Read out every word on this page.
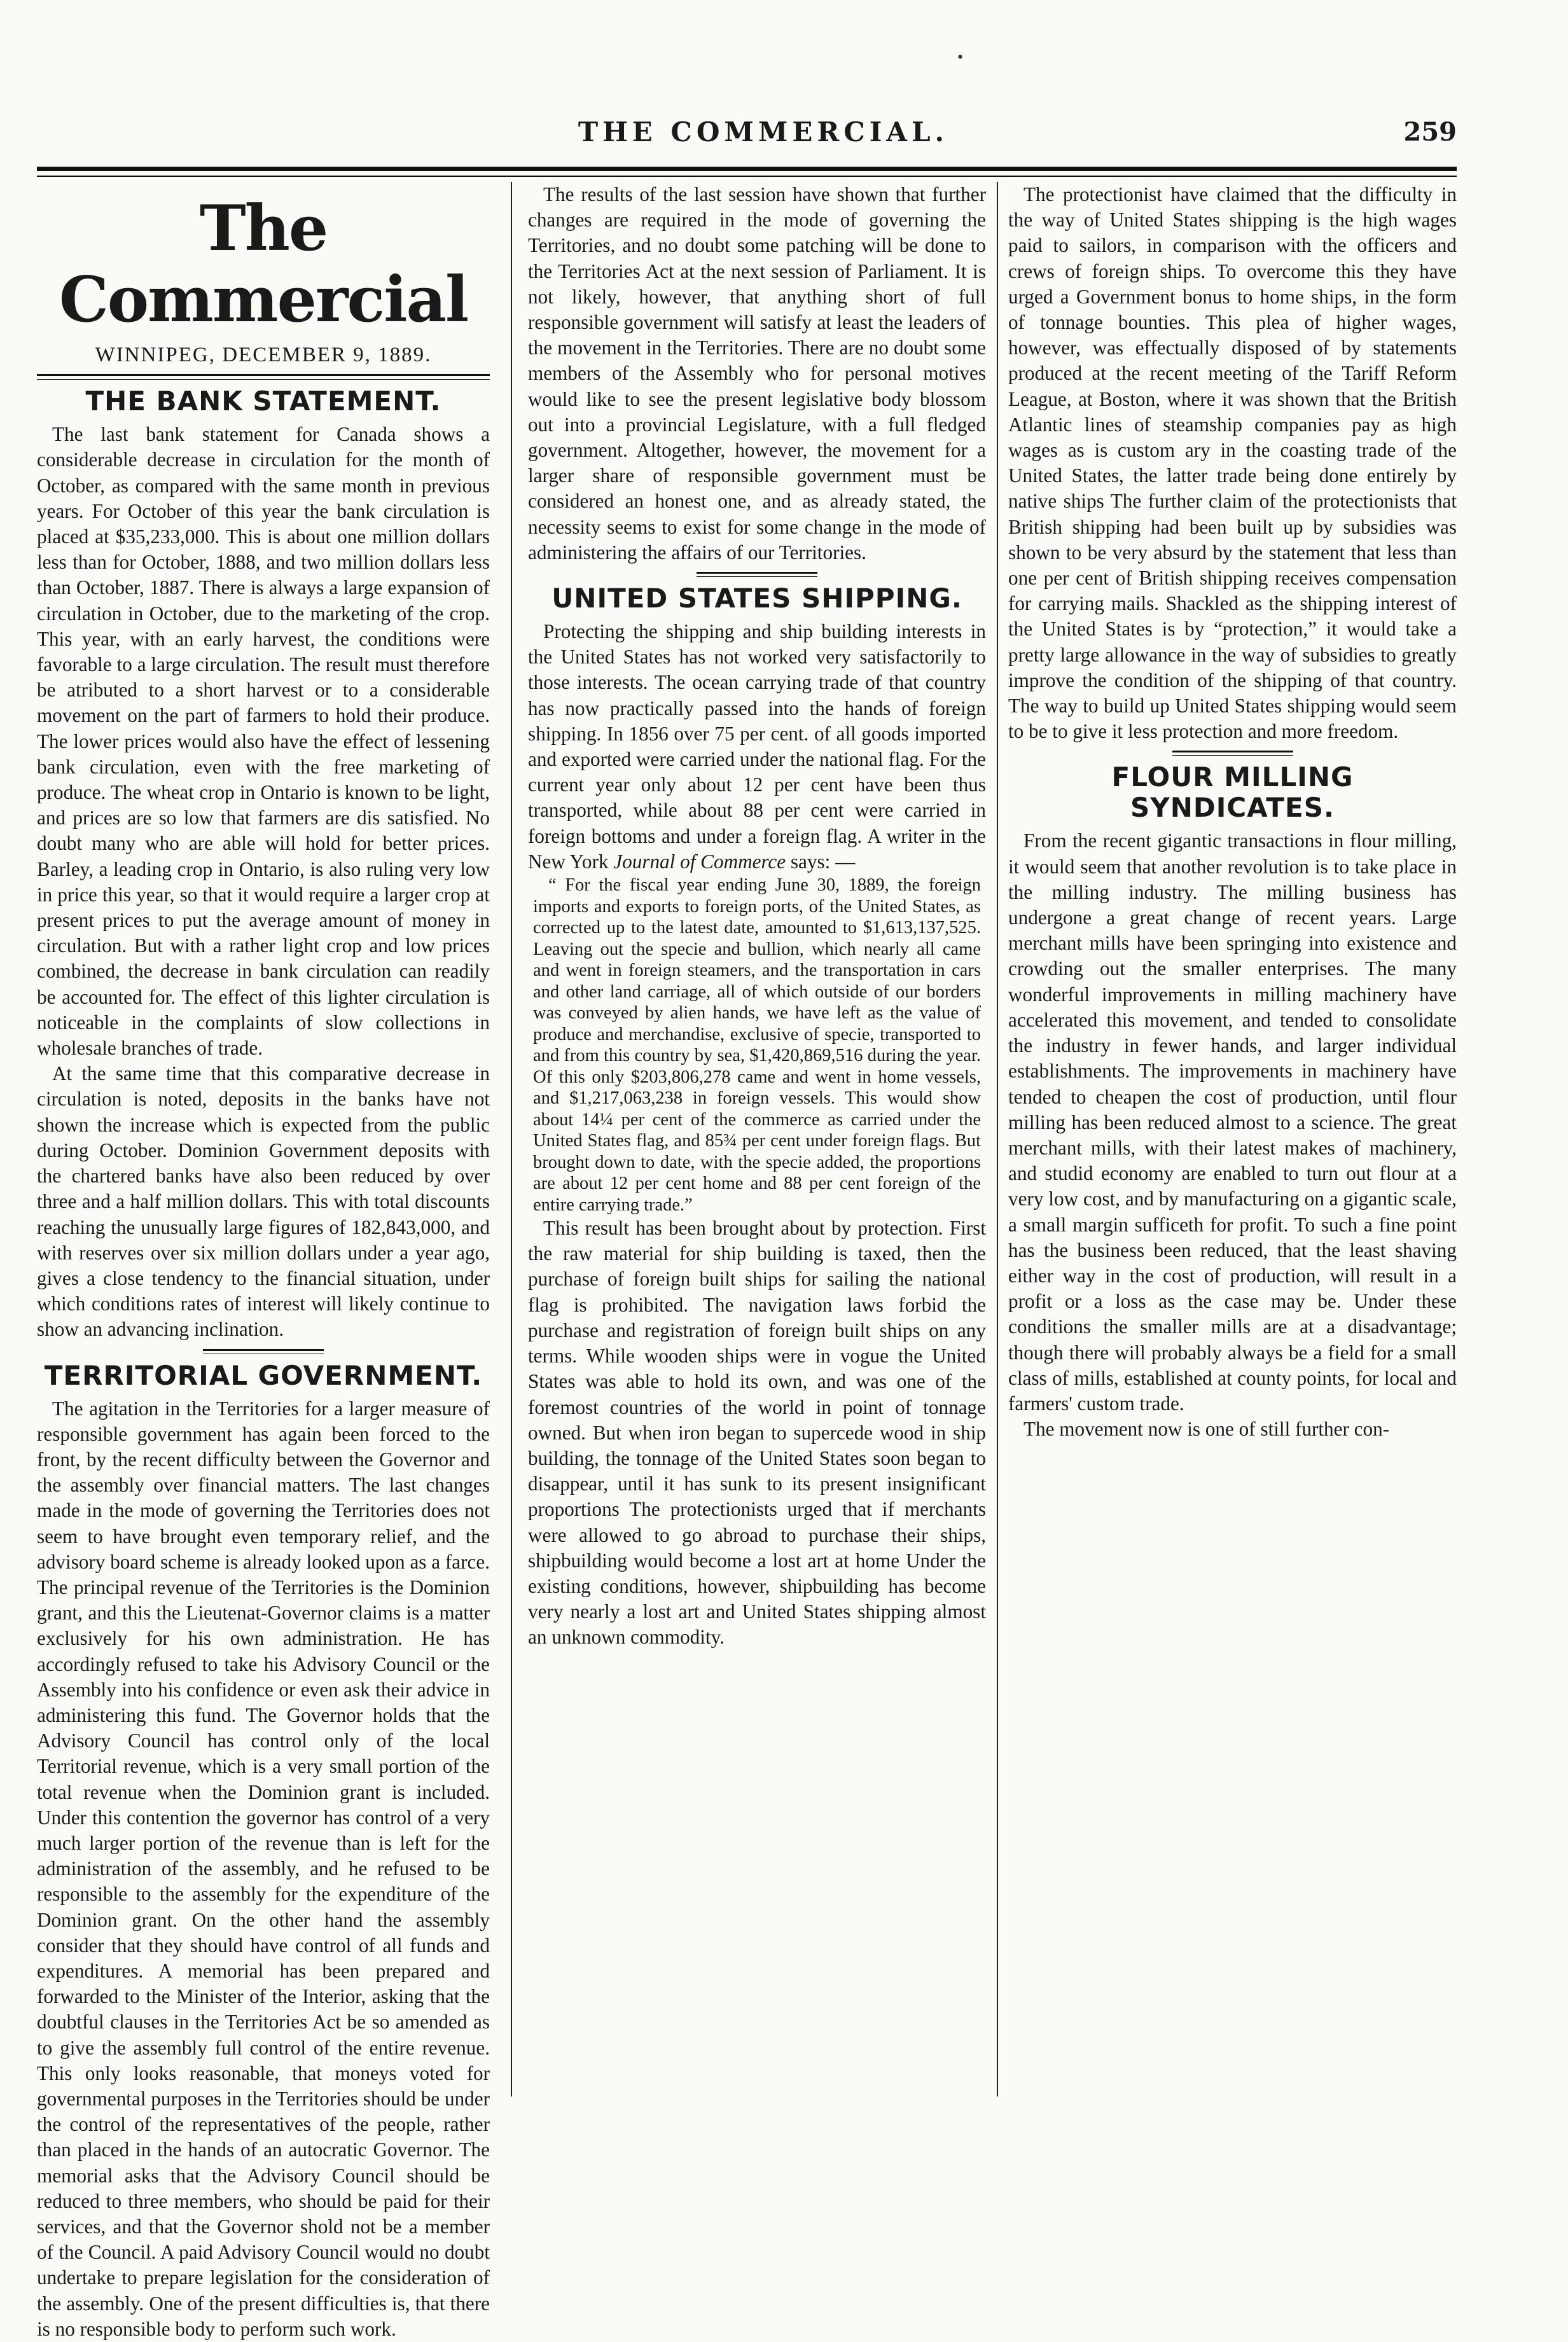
THE COMMERCIAL.	259
The Commercial
WINNIPEG, DECEMBER 9, 1889.
THE BANK STATEMENT.

The last bank statement for Canada shows a considerable decrease in circulation for the month of October, as compared with the same month in previous years. For October of this year the bank circulation is placed at $35,233,000. This is about one million dollars less than for October, 1888, and two million dollars less than October, 1887. There is always a large expansion of circulation in October, due to the marketing of the crop. This year, with an early harvest, the conditions were favorable to a large circulation. The result must therefore be atributed to a short harvest or to a considerable movement on the part of farmers to hold their produce. The lower prices would also have the effect of lessening bank circulation, even with the free marketing of produce. The wheat crop in Ontario is known to be light, and prices are so low that farmers are dis satisfied. No doubt many who are able will hold for better prices. Barley, a leading crop in Ontario, is also ruling very low in price this year, so that it would require a larger crop at present prices to put the average amount of money in circulation. But with a rather light crop and low prices combined, the decrease in bank circulation can readily be accounted for. The effect of this lighter circulation is noticeable in the complaints of slow collections in wholesale branches of trade.

At the same time that this comparative decrease in circulation is noted, deposits in the banks have not shown the increase which is expected from the public during October. Dominion Government deposits with the chartered banks have also been reduced by over three and a half million dollars. This with total discounts reaching the unusually large figures of 182,843,000, and with reserves over six million dollars under a year ago, gives a close tendency to the financial situation, under which conditions rates of interest will likely continue to show an advancing inclination.

TERRITORIAL GOVERNMENT.

The agitation in the Territories for a larger measure of responsible government has again been forced to the front, by the recent difficulty between the Governor and the assembly over financial matters. The last changes made in the mode of governing the Territories does not seem to have brought even temporary relief, and the advisory board scheme is already looked upon as a farce. The principal revenue of the Territories is the Dominion grant, and this the Lieutenat-Governor claims is a matter exclusively for his own administration. He has accordingly refused to take his Advisory Council or the Assembly into his confidence or even ask their advice in administering this fund. The Governor holds that the Advisory Council has control only of the local Territorial revenue, which is a very small portion of the total revenue when the Dominion grant is included. Under this contention the governor has control of a very much larger portion of the revenue than is left for the administration of the assembly, and he refused to be responsible to the assembly for the expenditure of the Dominion grant. On the other hand the assembly consider that they should have control of all funds and expenditures. A memorial has been prepared and forwarded to the Minister of the Interior, asking that the doubtful clauses in the Territories Act be so amended as to give the assembly full control of the entire revenue. This only looks reasonable, that moneys voted for governmental purposes in the Territories should be under the control of the representatives of the people, rather than placed in the hands of an autocratic Governor. The memorial asks that the Advisory Council should be reduced to three members, who should be paid for their services, and that the Governor shold not be a member of the Council. A paid Advisory Council would no doubt undertake to prepare legislation for the consideration of the assembly. One of the present difficulties is, that there is no responsible body to perform such work.

The results of the last session have shown that further changes are required in the mode of governing the Territories, and no doubt some patching will be done to the Territories Act at the next session of Parliament. It is not likely, however, that anything short of full responsible government will satisfy at least the leaders of the movement in the Territories. There are no doubt some members of the Assembly who for personal motives would like to see the present legislative body blossom out into a provincial Legislature, with a full fledged government. Altogether, however, the movement for a larger share of responsible government must be considered an honest one, and as already stated, the necessity seems to exist for some change in the mode of administering the affairs of our Territories.

UNITED STATES SHIPPING.

Protecting the shipping and ship building interests in the United States has not worked very satisfactorily to those interests. The ocean carrying trade of that country has now practically passed into the hands of foreign shipping. In 1856 over 75 per cent. of all goods imported and exported were carried under the national flag. For the current year only about 12 per cent have been thus transported, while about 88 per cent were carried in foreign bottoms and under a foreign flag. A writer in the New York Journal of Commerce says: —

“ For the fiscal year ending June 30, 1889, the foreign imports and exports to foreign ports, of the United States, as corrected up to the latest date, amounted to $1,613,137,525. Leaving out the specie and bullion, which nearly all came and went in foreign steamers, and the transportation in cars and other land carriage, all of which outside of our borders was conveyed by alien hands, we have left as the value of produce and merchandise, exclusive of specie, transported to and from this country by sea, $1,420,869,516 during the year. Of this only $203,806,278 came and went in home vessels, and $1,217,063,238 in foreign vessels. This would show about 14¼ per cent of the commerce as carried under the United States flag, and 85¾ per cent under foreign flags. But brought down to date, with the specie added, the proportions are about 12 per cent home and 88 per cent foreign of the entire carrying trade.”

This result has been brought about by protection. First the raw material for ship building is taxed, then the purchase of foreign built ships for sailing the national flag is prohibited. The navigation laws forbid the purchase and registration of foreign built ships on any terms. While wooden ships were in vogue the United States was able to hold its own, and was one of the foremost countries of the world in point of tonnage owned. But when iron began to supercede wood in ship building, the tonnage of the United States soon began to disappear, until it has sunk to its present insignificant proportions The protectionists urged that if merchants were allowed to go abroad to purchase their ships, shipbuilding would become a lost art at home Under the existing conditions, however, shipbuilding has become very nearly a lost art and United States shipping almost an unknown commodity.

The protectionist have claimed that the difficulty in the way of United States shipping is the high wages paid to sailors, in comparison with the officers and crews of foreign ships. To overcome this they have urged a Government bonus to home ships, in the form of tonnage bounties. This plea of higher wages, however, was effectually disposed of by statements produced at the recent meeting of the Tariff Reform League, at Boston, where it was shown that the British Atlantic lines of steamship companies pay as high wages as is custom ary in the coasting trade of the United States, the latter trade being done entirely by native ships The further claim of the protectionists that British shipping had been built up by subsidies was shown to be very absurd by the statement that less than one per cent of British shipping receives compensation for carrying mails. Shackled as the shipping interest of the United States is by “protection,” it would take a pretty large allowance in the way of subsidies to greatly improve the condition of the shipping of that country. The way to build up United States shipping would seem to be to give it less protection and more freedom.

FLOUR MILLING SYNDICATES.

From the recent gigantic transactions in flour milling, it would seem that another revolution is to take place in the milling industry. The milling business has undergone a great change of recent years. Large merchant mills have been springing into existence and crowding out the smaller enterprises. The many wonderful improvements in milling machinery have accelerated this movement, and tended to consolidate the industry in fewer hands, and larger individual establishments. The improvements in machinery have tended to cheapen the cost of production, until flour milling has been reduced almost to a science. The great merchant mills, with their latest makes of machinery, and studid economy are enabled to turn out flour at a very low cost, and by manufacturing on a gigantic scale, a small margin sufficeth for profit. To such a fine point has the business been reduced, that the least shaving either way in the cost of production, will result in a profit or a loss as the case may be. Under these conditions the smaller mills are at a disadvantage; though there will probably always be a field for a small class of mills, established at county points, for local and farmers' custom trade.

The movement now is one of still further con-

•
